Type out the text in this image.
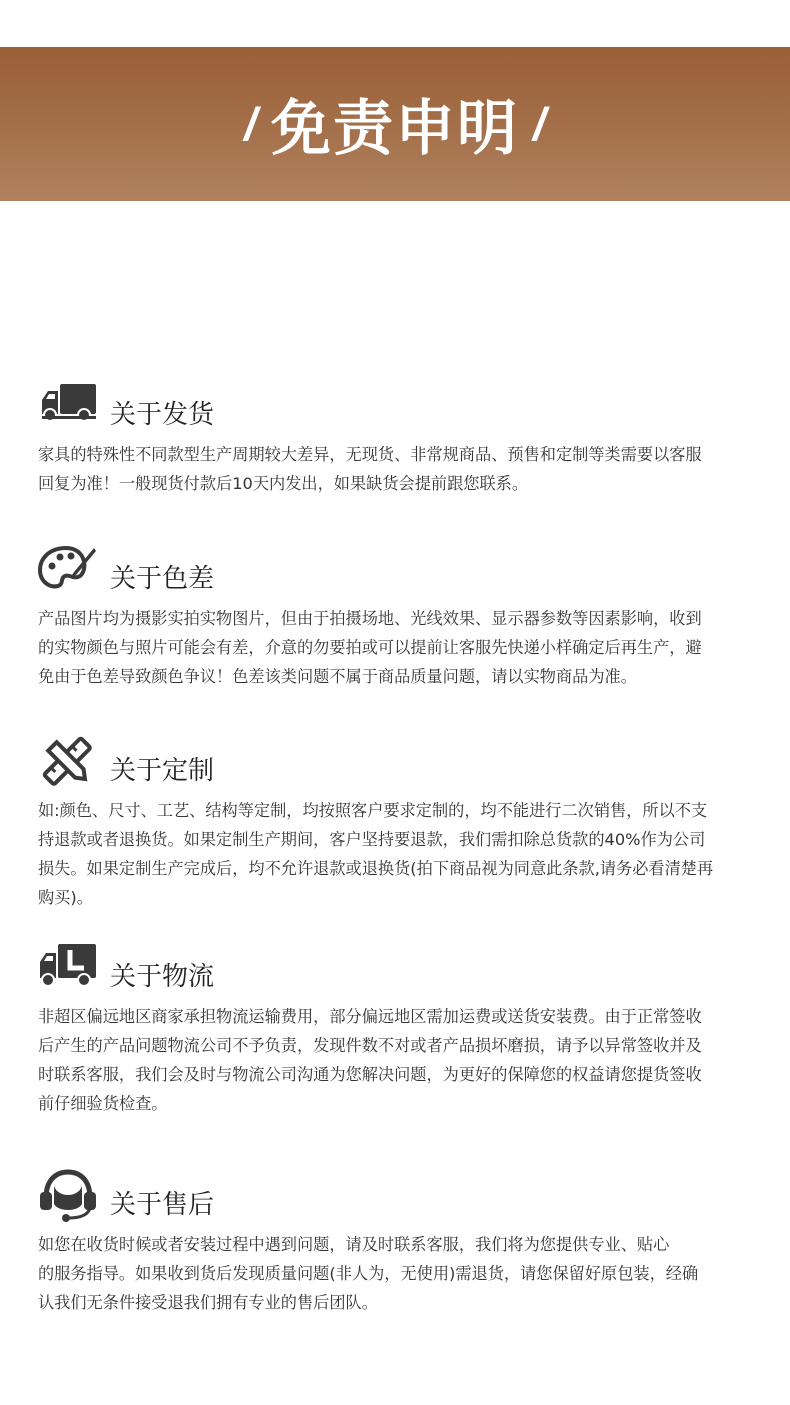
/ 免责申明 /
关于发货
家具的特殊性不同款型生产周期较大差异，无现货、非常规商品、预售和定制等类需要以客服
回复为准！一般现货付款后10天内发出，如果缺货会提前跟您联系。
关于色差
产品图片均为摄影实拍实物图片，但由于拍摄场地、光线效果、显示器参数等因素影响，收到
的实物颜色与照片可能会有差，介意的勿要拍或可以提前让客服先快递小样确定后再生产，避
免由于色差导致颜色争议！色差该类问题不属于商品质量问题，请以实物商品为准。
关于定制
如:颜色、尺寸、工艺、结构等定制，均按照客户要求定制的，均不能进行二次销售，所以不支
持退款或者退换货。如果定制生产期间，客户坚持要退款，我们需扣除总货款的40%作为公司
损失。如果定制生产完成后，均不允许退款或退换货(拍下商品视为同意此条款,请务必看清楚再
购买)。
关于物流
非超区偏远地区商家承担物流运输费用，部分偏远地区需加运费或送货安装费。由于正常签收
后产生的产品问题物流公司不予负责，发现件数不对或者产品损坏磨损，请予以异常签收并及
时联系客服，我们会及时与物流公司沟通为您解决问题，为更好的保障您的权益请您提货签收
前仔细验货检查。
关于售后
如您在收货时候或者安装过程中遇到问题，请及时联系客服，我们将为您提供专业、贴心
的服务指导。如果收到货后发现质量问题(非人为，无使用)需退货，请您保留好原包装，经确
认我们无条件接受退我们拥有专业的售后团队。
